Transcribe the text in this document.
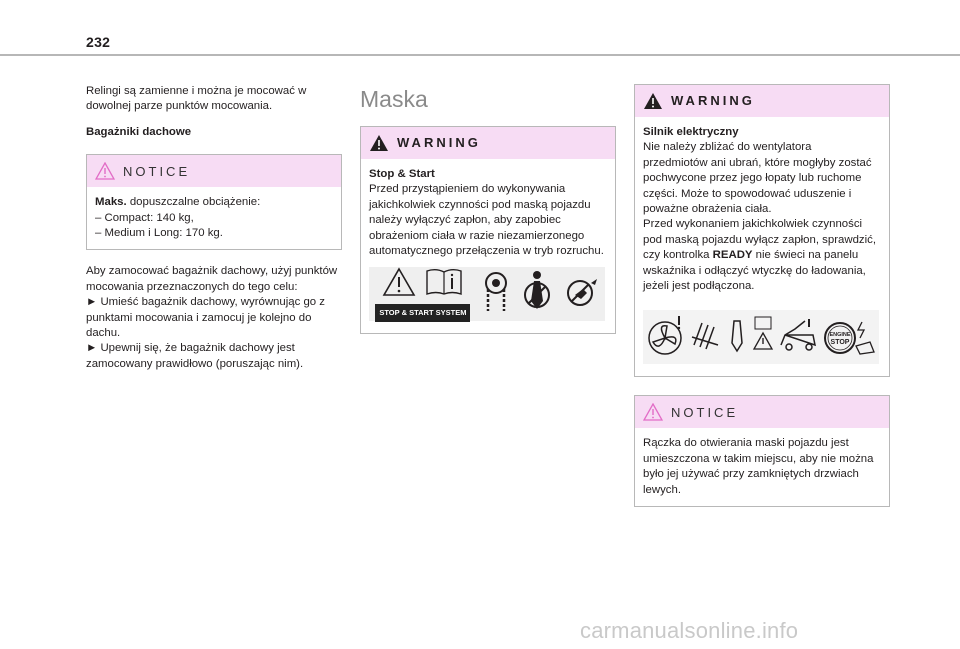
232

Relingi są zamienne i można je mocować w dowolnej parze punktów mocowania.

Bagażniki dachowe

NOTICE

Maks. dopuszczalne obciążenie:

– Compact: 140 kg,

– Medium i Long: 170 kg.

Aby zamocować bagażnik dachowy, użyj punktów mocowania przeznaczonych do tego celu:

► Umieść bagażnik dachowy, wyrównując go z punktami mocowania i zamocuj je kolejno do dachu.

► Upewnij się, że bagażnik dachowy jest zamocowany prawidłowo (poruszając nim).

Maska
WARNING

Stop & Start

Przed przystąpieniem do wykonywania jakichkolwiek czynności pod maską pojazdu należy wyłączyć zapłon, aby zapobiec obrażeniom ciała w razie niezamierzonego automatycznego przełączenia w tryb rozruchu.

STOP & START SYSTEM
WARNING

Silnik elektryczny

Nie należy zbliżać do wentylatora przedmiotów ani ubrań, które mogłyby zostać pochwycone przez jego łopaty lub ruchome części. Może to spowodować uduszenie i poważne obrażenia ciała.

Przed wykonaniem jakichkolwiek czynności pod maską pojazdu wyłącz zapłon, sprawdzić, czy kontrolka READY nie świeci na panelu wskaźnika i odłączyć wtyczkę do ładowania, jeżeli jest podłączona.

ENGINE
STOP
NOTICE

Rączka do otwierania maski pojazdu jest umieszczona w takim miejscu, aby nie można było jej używać przy zamkniętych drzwiach lewych.

carmanualsonline.info
